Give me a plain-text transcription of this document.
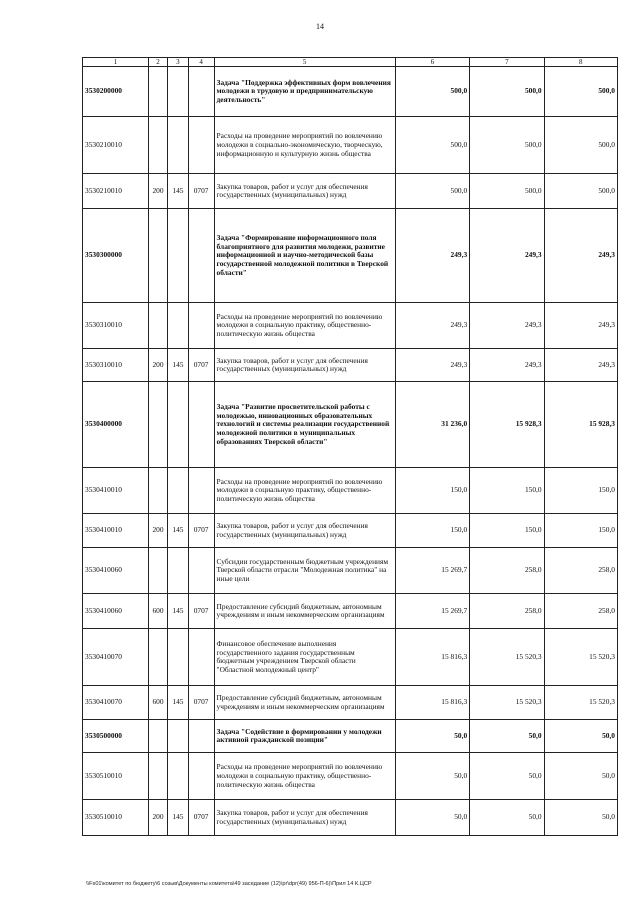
14
1	2	3	4	5	6	7	8
3530200000				Задача "Поддержка эффективных форм вовлечения молодежи в трудовую и предпринимательскую деятельность"	500,0	500,0	500,0
3530210010				Расходы на проведение мероприятий по вовлечению молодежи в социально-экономическую, творческую, информационную и культурную жизнь общества	500,0	500,0	500,0
3530210010	200	145	0707	Закупка товаров, работ и услуг для обеспечения государственных (муниципальных) нужд	500,0	500,0	500,0
3530300000				Задача "Формирование информационного поля благоприятного для развития молодежи, развитие информационной и научно-методической базы государственной молодежной политики в Тверской области"	249,3	249,3	249,3
3530310010				Расходы на проведение мероприятий по вовлечению молодежи в социальную практику, общественно-политическую жизнь общества	249,3	249,3	249,3
3530310010	200	145	0707	Закупка товаров, работ и услуг для обеспечения государственных (муниципальных) нужд	249,3	249,3	249,3
3530400000				Задача "Развитие просветительской работы с молодежью, инновационных образовательных технологий и системы реализации государственной молодежной политики в муниципальных образованиях Тверской области"	31 236,0	15 928,3	15 928,3
3530410010				Расходы на проведение мероприятий по вовлечению молодежи в социальную практику, общественно-политическую жизнь общества	150,0	150,0	150,0
3530410010	200	145	0707	Закупка товаров, работ и услуг для обеспечения государственных (муниципальных) нужд	150,0	150,0	150,0
3530410060				Субсидии государственным бюджетным учреждениям Тверской области отрасли "Молодежная политика" на иные цели	15 269,7	258,0	258,0
3530410060	600	145	0707	Предоставление субсидий бюджетным, автономным учреждениям и иным некоммерческим организациям	15 269,7	258,0	258,0
3530410070				Финансовое обеспечение выполнения государственного задания государственным бюджетным учреждением Тверской области "Областной молодежный центр"	15 816,3	15 520,3	15 520,3
3530410070	600	145	0707	Предоставление субсидий бюджетным, автономным учреждениям и иным некоммерческим организациям	15 816,3	15 520,3	15 520,3
3530500000				Задача "Содействие в формировании у молодежи активной гражданской позиции"	50,0	50,0	50,0
3530510010				Расходы на проведение мероприятий по вовлечению молодежи в социальную практику, общественно-политическую жизнь общества	50,0	50,0	50,0
3530510010	200	145	0707	Закупка товаров, работ и услуг для обеспечения государственных (муниципальных) нужд	50,0	50,0	50,0
\\Fs01\комитет по бюджету\6 созыв\Документы комитета\49 заседание (12)\pr\dpr(49) 956-П-6)\Прил 14 К.ЦСР
